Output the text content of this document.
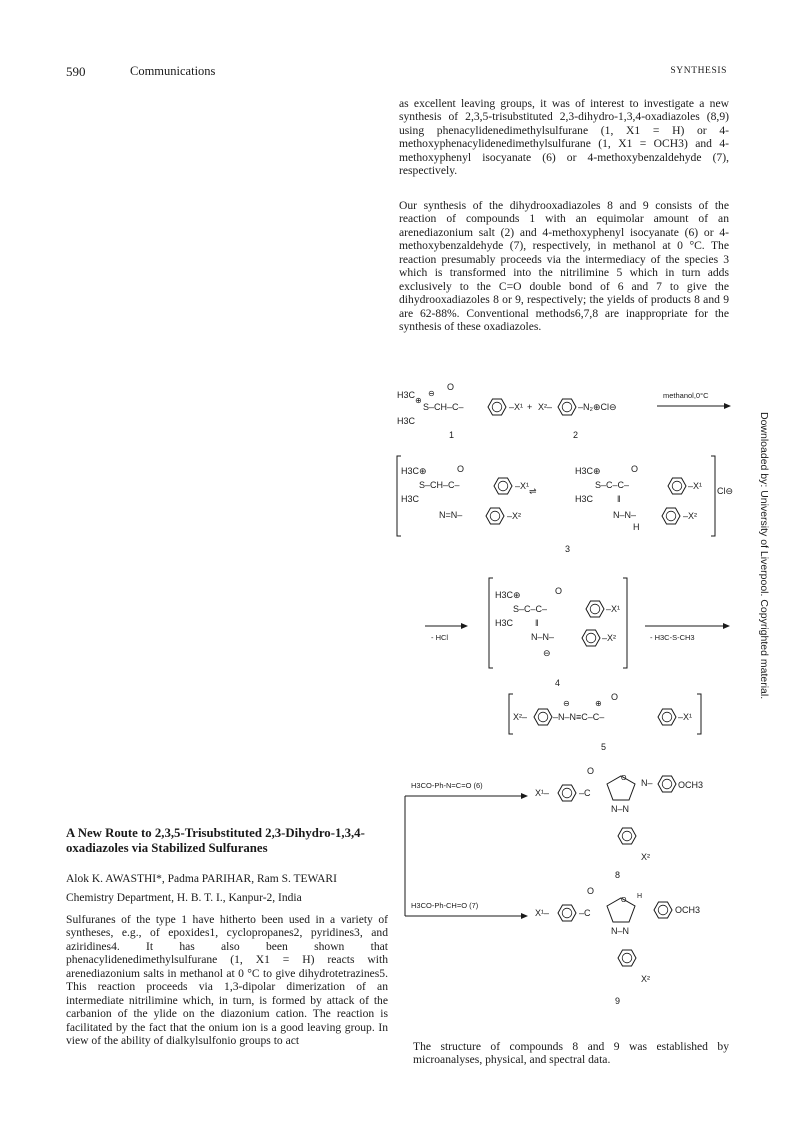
590	Communications	SYNTHESIS

as excellent leaving groups, it was of interest to investigate a new synthesis of 2,3,5-trisubstituted 2,3-dihydro-1,3,4-oxadiazoles (8,9) using phenacylidenedimethylsulfurane (1, X1 = H) or 4-methoxyphenacylidenedimethylsulfurane (1, X1 = OCH3) and 4-methoxyphenyl isocyanate (6) or 4-methoxybenzaldehyde (7), respectively.

Our synthesis of the dihydrooxadiazoles 8 and 9 consists of the reaction of compounds 1 with an equimolar amount of an arenediazonium salt (2) and 4-methoxyphenyl isocyanate (6) or 4-methoxybenzaldehyde (7), respectively, in methanol at 0 °C. The reaction presumably proceeds via the intermediacy of the species 3 which is transformed into the nitrilimine 5 which in turn adds exclusively to the C=O double bond of 6 and 7 to give the dihydrooxadiazoles 8 or 9, respectively; the yields of products 8 and 9 are 62-88%. Conventional methods6,7,8 are inappropriate for the synthesis of these oxadiazoles.

A New Route to 2,3,5-Trisubstituted 2,3-Dihydro-1,3,4-oxadiazoles via Stabilized Sulfuranes
Alok K. AWASTHI*, Padma PARIHAR, Ram S. TEWARI
Chemistry Department, H. B. T. I., Kanpur-2, India

Sulfuranes of the type 1 have hitherto been used in a variety of syntheses, e.g., of epoxides1, cyclopropanes2, pyridines3, and aziridines4. It has also been shown that phenacylidenedimethylsulfurane (1, X1 = H) reacts with arenediazonium salts in methanol at 0 °C to give dihydrotetrazines5. This reaction proceeds via 1,3-dipolar dimerization of an intermediate nitrilimine which, in turn, is formed by attack of the carbanion of the ylide on the diazonium cation. The reaction is facilitated by the fact that the onium ion is a good leaving group. In view of the ability of dialkylsulfonio groups to act	The structure of compounds 8 and 9 was established by microanalyses, physical, and spectral data.

Downloaded by: University of Liverpool. Copyrighted material.
H3C
⊕
⊖
O
S–CH–C–	–X¹
H3C
1
+ X²–	–N₂⊕Cl⊖
2
methanol,0°C
H3C⊕	O
S–CH–C–	–X¹
H3C
N=N–	–X²
⇌
H3C⊕	O
S–C–C–	–X¹
H3C	‖
N–N–	–X²
H
Cl⊖
3
- HCl
H3C⊕	O
S–C–C–	–X¹
H3C ‖
N–N–	–X²
⊖
4
- H3C-S-CH3
X²–	–N–N≡C–C–
⊖	⊕
O
–X¹
5
H3CO-Ph-N=C=O (6)
H3CO-Ph-CH=O (7)
X¹–	–C
O
O N–	OCH3
N–N
X²
8
X¹–	–C
O
O
H
OCH3
N–N
X²
9
